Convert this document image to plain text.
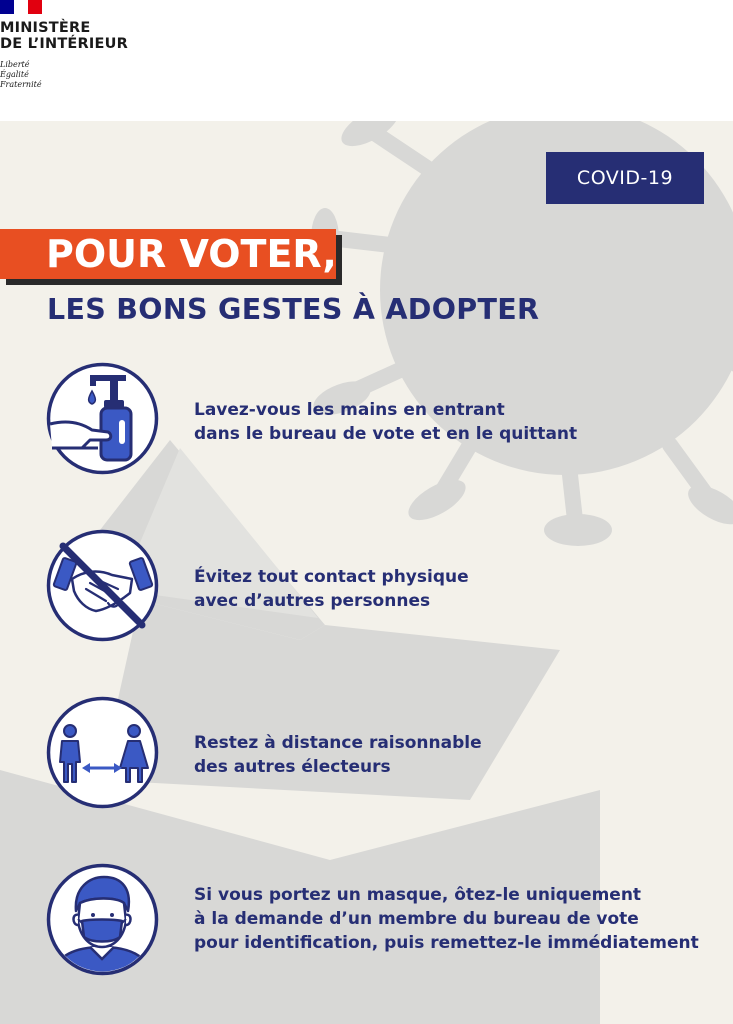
MINISTÈRE
DE L’INTÉRIEUR
Liberté
Égalité
Fraternité
COVID-19
POUR VOTER,
LES BONS GESTES À ADOPTER
Lavez-vous les mains en entrant
dans le bureau de vote et en le quittant
Évitez tout contact physique
avec d’autres personnes
Restez à distance raisonnable
des autres électeurs
Si vous portez un masque, ôtez-le uniquement
à la demande d’un membre du bureau de vote
pour identification, puis remettez-le immédiatement
